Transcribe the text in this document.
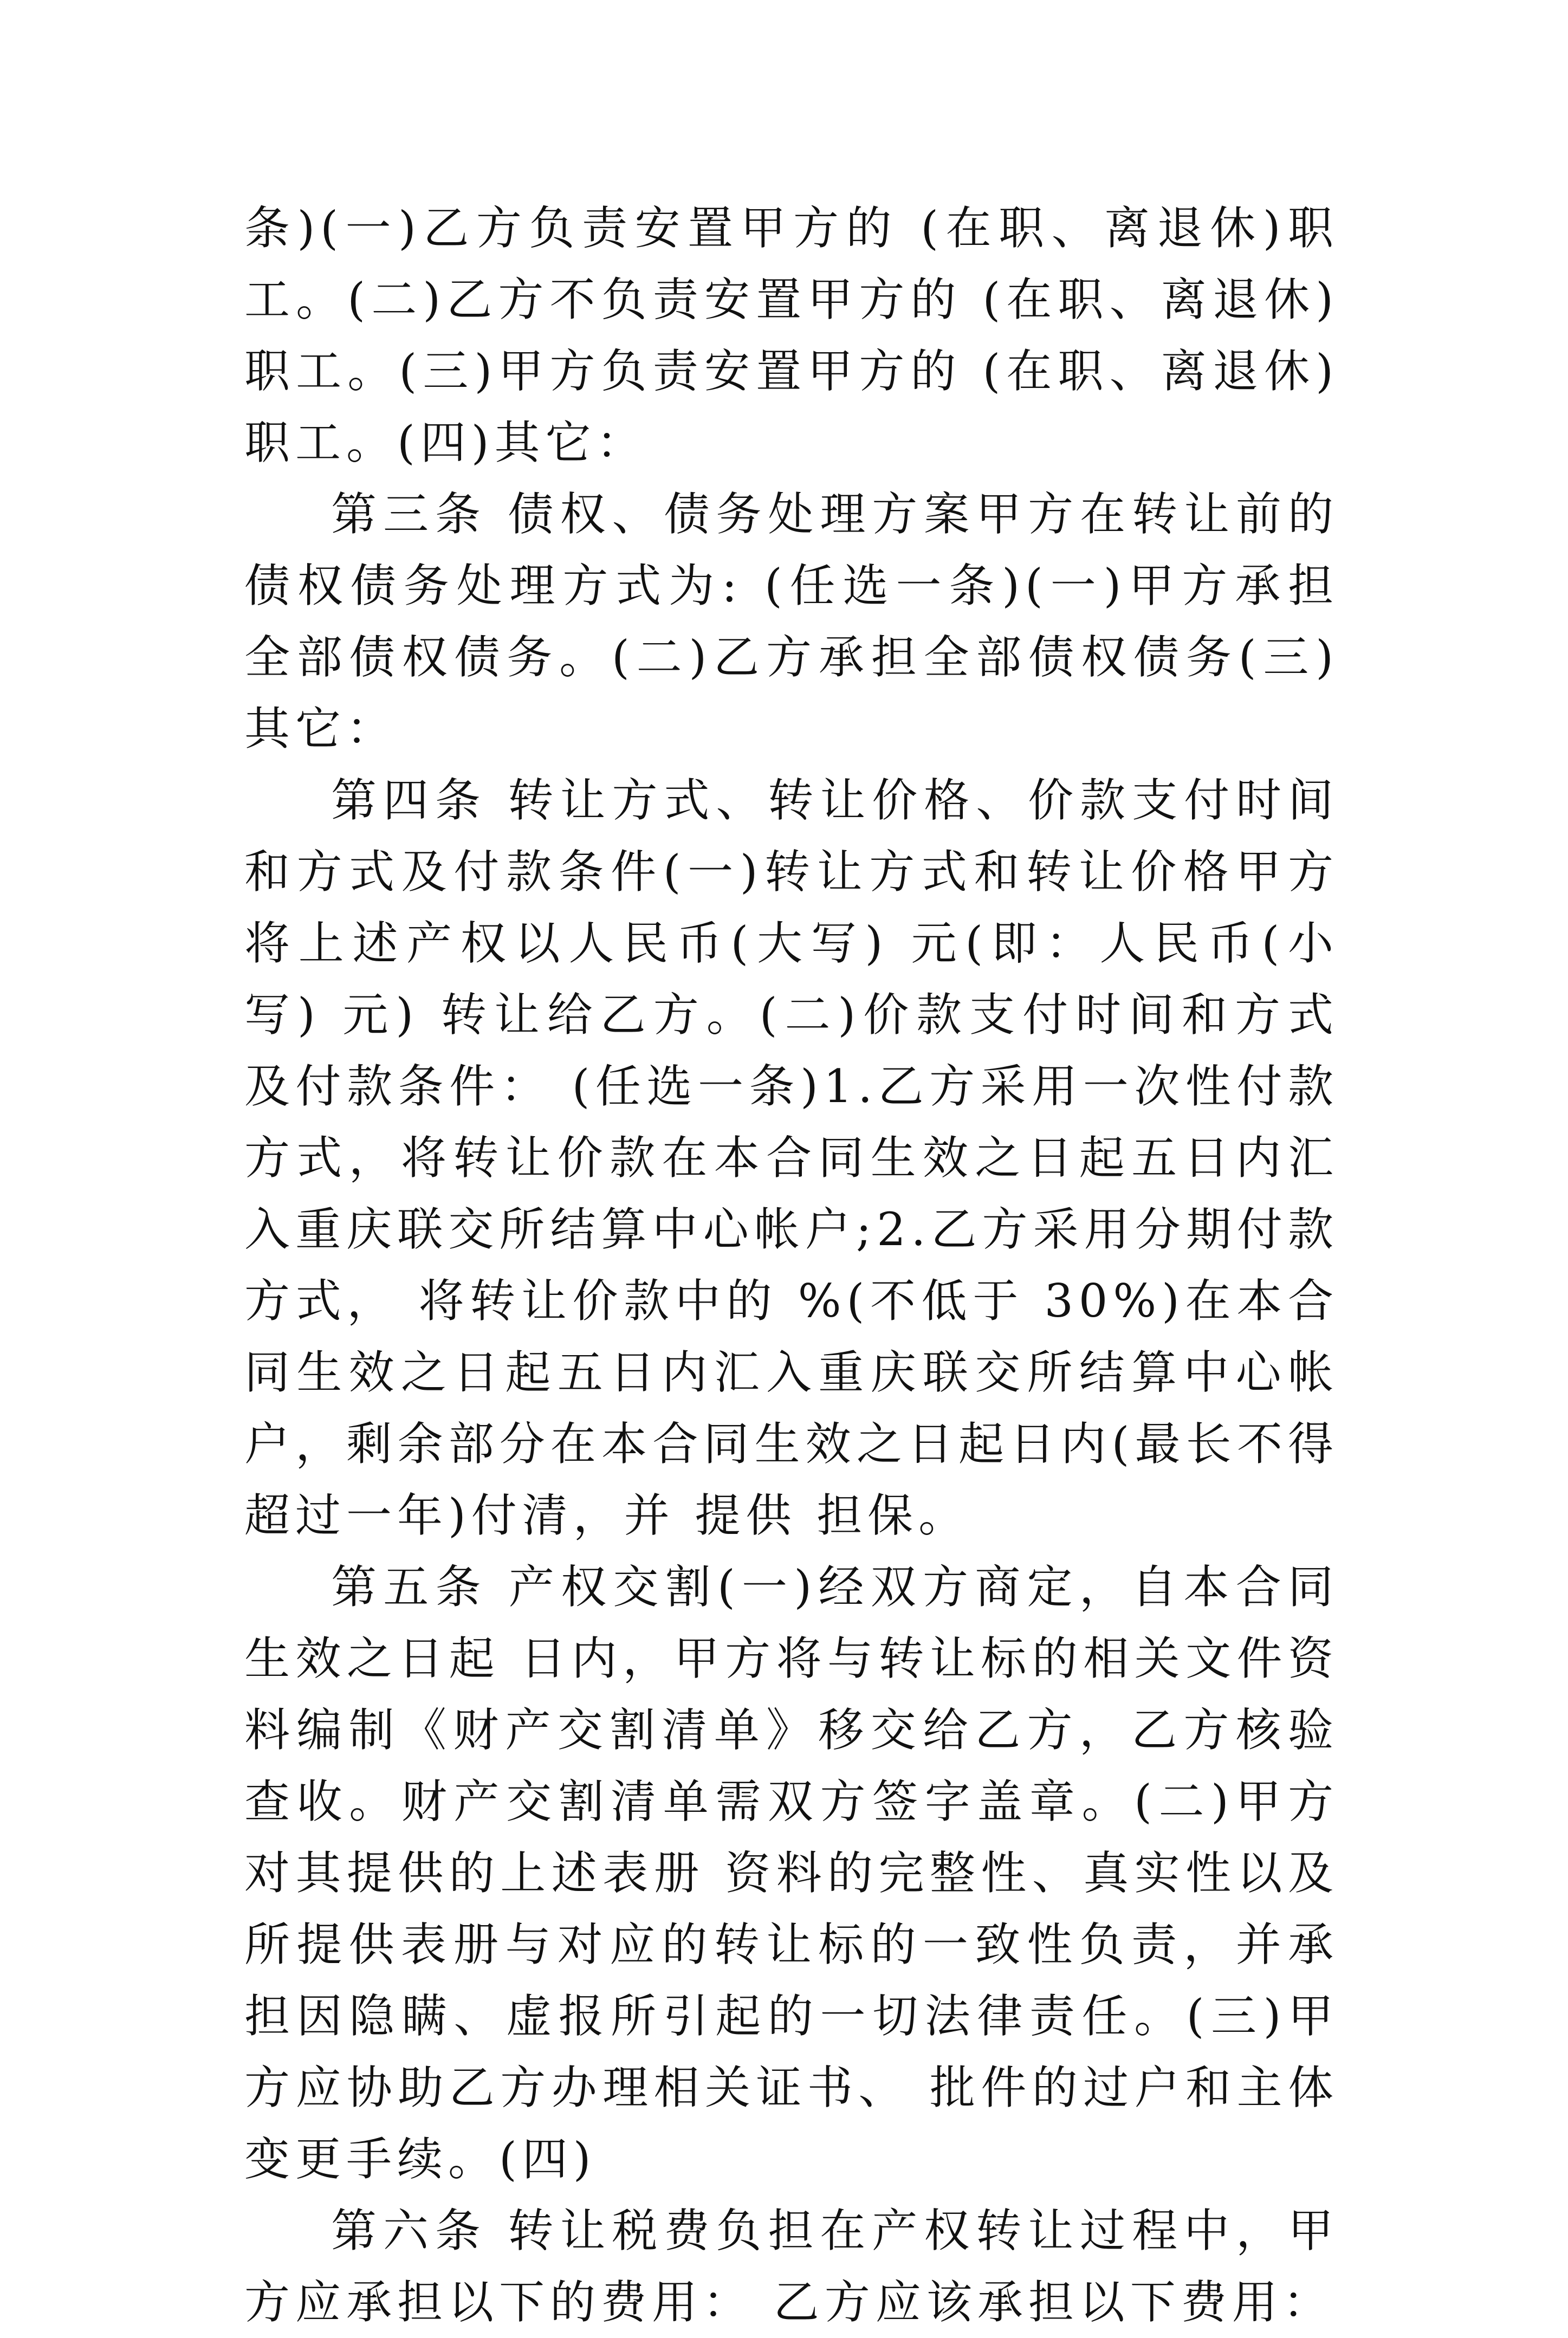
条)(一)乙方负责安置甲方的 (在职、离退休)职工。(二)乙方不负责安置甲方的 (在职、离退休)职工。(三)甲方负责安置甲方的 (在职、离退休)职工。(四)其它：

第三条 债权、债务处理方案甲方在转让前的债权债务处理方式为: (任选一条)(一)甲方承担全部债权债务。(二)乙方承担全部债权债务(三)其它：

第四条 转让方式、转让价格、价款支付时间和方式及付款条件(一)转让方式和转让价格甲方将上述产权以人民币(大写) 元(即：人民币(小写) 元) 转让给乙方。(二)价款支付时间和方式及付款条件： (任选一条)1.乙方采用一次性付款方式，将转让价款在本合同生效之日起五日内汇入重庆联交所结算中心帐户;2.乙方采用分期付款方式， 将转让价款中的 %(不低于 30%)在本合同生效之日起五日内汇入重庆联交所结算中心帐户，剩余部分在本合同生效之日起日内(最长不得超过一年)付清，并 提供 担保。

第五条 产权交割(一)经双方商定，自本合同生效之日起 日内，甲方将与转让标的相关文件资料编制《财产交割清单》移交给乙方，乙方核验查收。财产交割清单需双方签字盖章。(二)甲方对其提供的上述表册 资料的完整性、真实性以及所提供表册与对应的转让标的一致性负责，并承担因隐瞒、虚报所引起的一切法律责任。(三)甲方应协助乙方办理相关证书、 批件的过户和主体变更手续。(四)

第六条 转让税费负担在产权转让过程中，甲方应承担以下的费用： 乙方应该承担以下费用：
